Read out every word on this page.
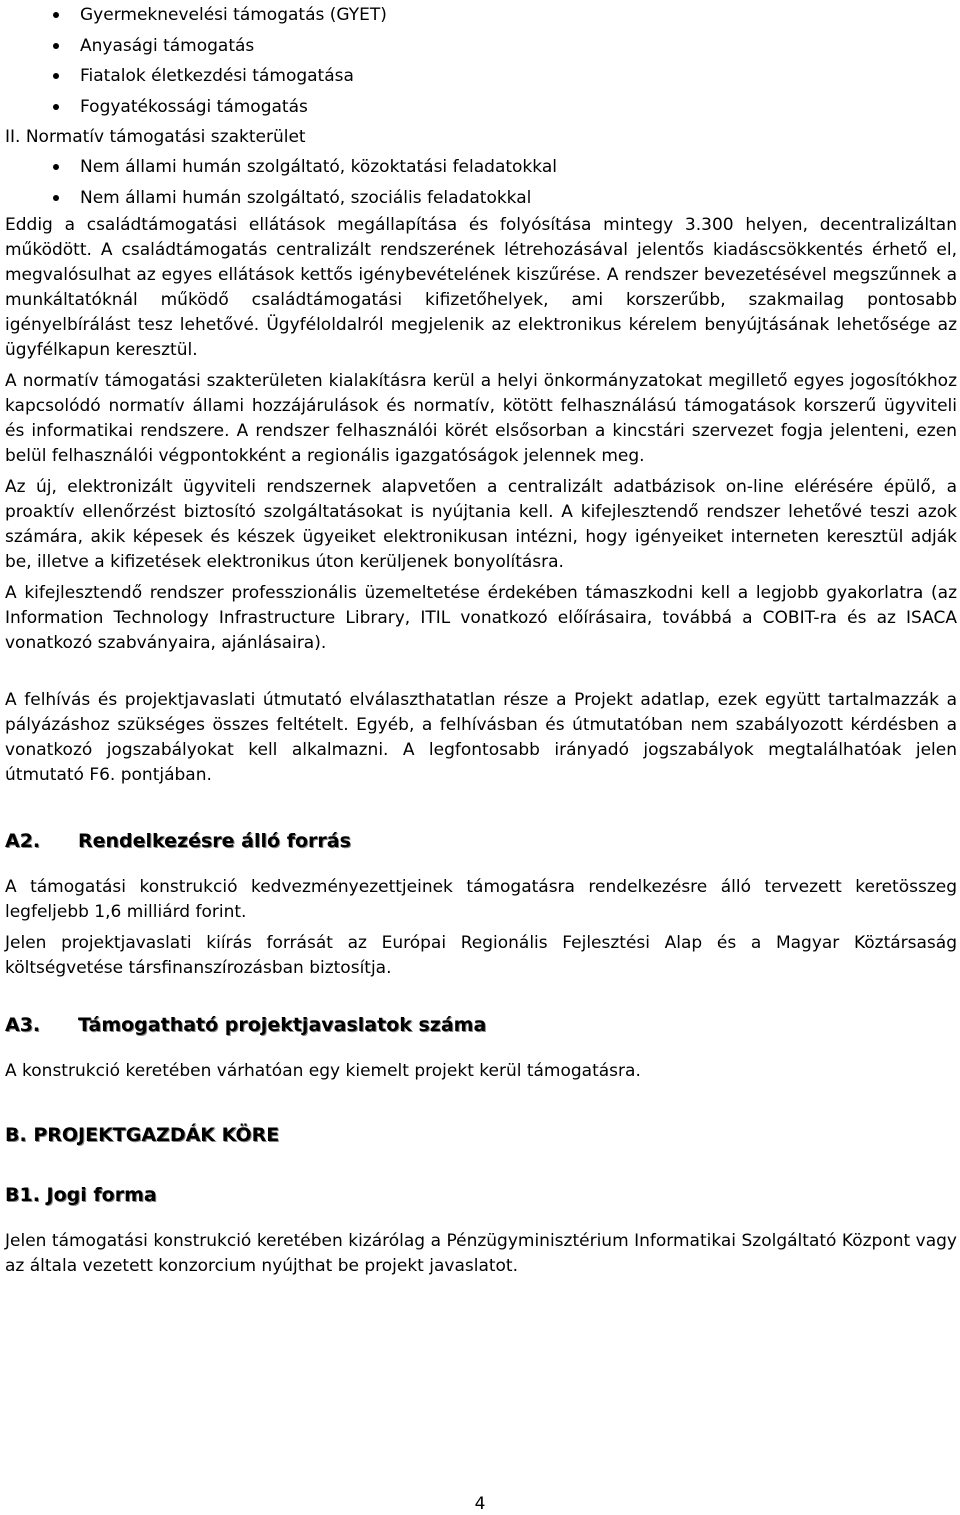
Gyermeknevelési támogatás (GYET)
Anyasági támogatás
Fiatalok életkezdési támogatása
Fogyatékossági támogatás
II. Normatív támogatási szakterület
Nem állami humán szolgáltató, közoktatási feladatokkal
Nem állami humán szolgáltató, szociális feladatokkal

Eddig a családtámogatási ellátások megállapítása és folyósítása mintegy 3.300 helyen, decentralizáltan működött. A családtámogatás centralizált rendszerének létrehozásával jelentős kiadáscsökkentés érhető el, megvalósulhat az egyes ellátások kettős igénybevételének kiszűrése. A rendszer bevezetésével megszűnnek a munkáltatóknál működő családtámogatási kifizetőhelyek, ami korszerűbb, szakmailag pontosabb igényelbírálást tesz lehetővé. Ügyféloldalról megjelenik az elektronikus kérelem benyújtásának lehetősége az ügyfélkapun keresztül.

A normatív támogatási szakterületen kialakításra kerül a helyi önkormányzatokat megillető egyes jogosítókhoz kapcsolódó normatív állami hozzájárulások és normatív, kötött felhasználású támogatások korszerű ügyviteli és informatikai rendszere. A rendszer felhasználói körét elsősorban a kincstári szervezet fogja jelenteni, ezen belül felhasználói végpontokként a regionális igazgatóságok jelennek meg.

Az új, elektronizált ügyviteli rendszernek alapvetően a centralizált adatbázisok on-line elérésére épülő, a proaktív ellenőrzést biztosító szolgáltatásokat is nyújtania kell. A kifejlesztendő rendszer lehetővé teszi azok számára, akik képesek és készek ügyeiket elektronikusan intézni, hogy igényeiket interneten keresztül adják be, illetve a kifizetések elektronikus úton kerüljenek bonyolításra.

A kifejlesztendő rendszer professzionális üzemeltetése érdekében támaszkodni kell a legjobb gyakorlatra (az Information Technology Infrastructure Library, ITIL vonatkozó előírásaira, továbbá a COBIT-ra és az ISACA vonatkozó szabványaira, ajánlásaira).

A felhívás és projektjavaslati útmutató elválaszthatatlan része a Projekt adatlap, ezek együtt tartalmazzák a pályázáshoz szükséges összes feltételt. Egyéb, a felhívásban és útmutatóban nem szabályozott kérdésben a vonatkozó jogszabályokat kell alkalmazni. A legfontosabb irányadó jogszabályok megtalálhatóak jelen útmutató F6. pontjában.

A2. Rendelkezésre álló forrás

A támogatási konstrukció kedvezményezettjeinek támogatásra rendelkezésre álló tervezett keretösszeg legfeljebb 1,6 milliárd forint.

Jelen projektjavaslati kiírás forrását az Európai Regionális Fejlesztési Alap és a Magyar Köztársaság költségvetése társfinanszírozásban biztosítja.

A3. Támogatható projektjavaslatok száma

A konstrukció keretében várhatóan egy kiemelt projekt kerül támogatásra.

B. PROJEKTGAZDÁK KÖRE
B1. Jogi forma

Jelen támogatási konstrukció keretében kizárólag a Pénzügyminisztérium Informatikai Szolgáltató Központ vagy az általa vezetett konzorcium nyújthat be projekt javaslatot.

4
